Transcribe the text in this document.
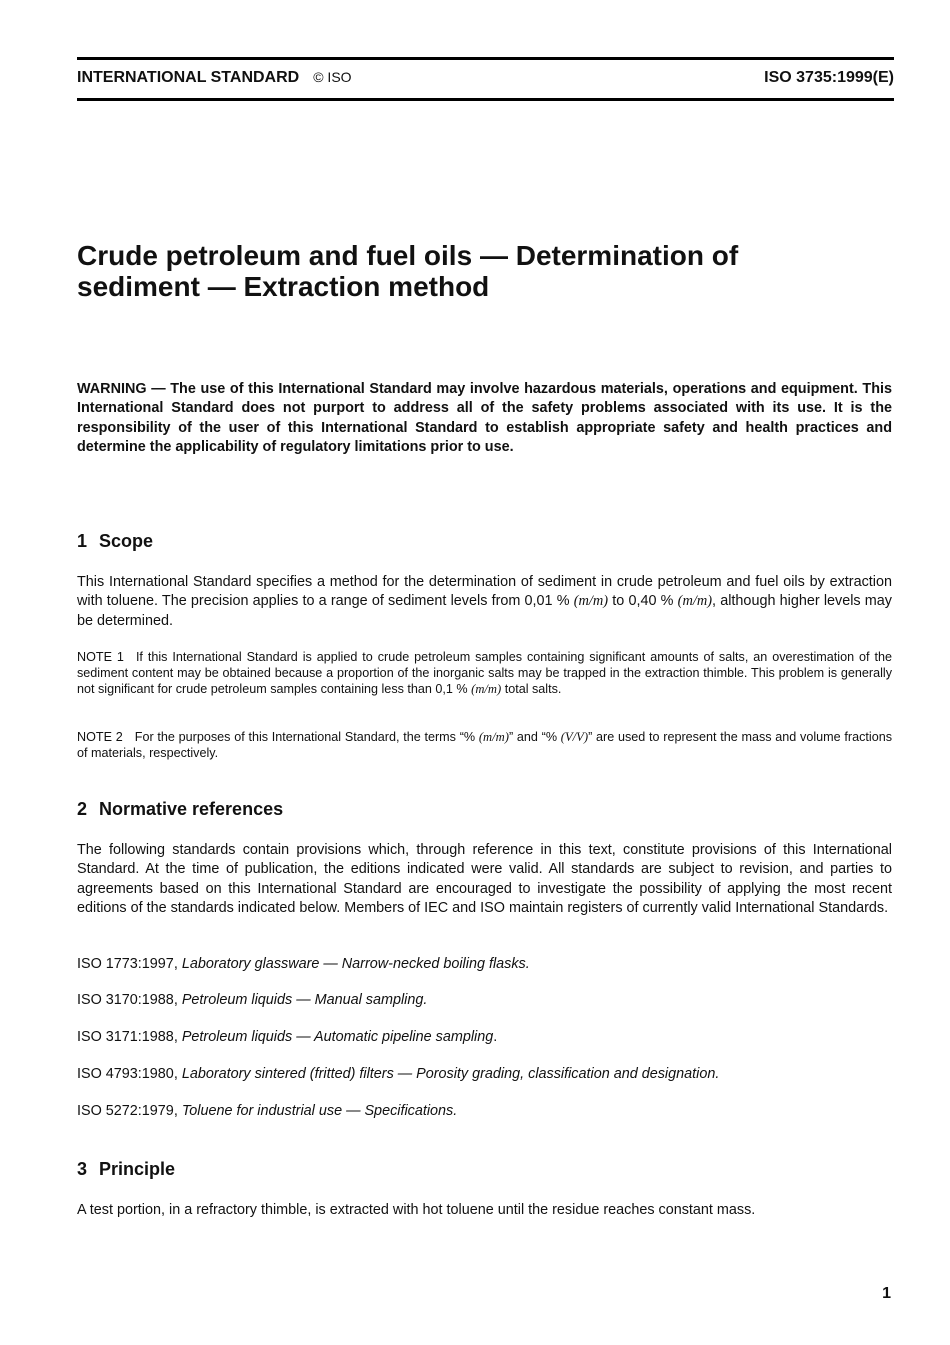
INTERNATIONAL STANDARD © ISO	ISO 3735:1999(E)
Crude petroleum and fuel oils — Determination of
sediment — Extraction method

WARNING — The use of this International Standard may involve hazardous materials, operations and equipment. This International Standard does not purport to address all of the safety problems associated with its use. It is the responsibility of the user of this International Standard to establish appropriate safety and health practices and determine the applicability of regulatory limitations prior to use.

1 Scope

This International Standard specifies a method for the determination of sediment in crude petroleum and fuel oils by extraction with toluene. The precision applies to a range of sediment levels from 0,01 % (m/m) to 0,40 % (m/m), although higher levels may be determined.

NOTE 1 If this International Standard is applied to crude petroleum samples containing significant amounts of salts, an overestimation of the sediment content may be obtained because a proportion of the inorganic salts may be trapped in the extraction thimble. This problem is generally not significant for crude petroleum samples containing less than 0,1 % (m/m) total salts.

NOTE 2 For the purposes of this International Standard, the terms “% (m/m)” and “% (V/V)” are used to represent the mass and volume fractions of materials, respectively.

2 Normative references

The following standards contain provisions which, through reference in this text, constitute provisions of this International Standard. At the time of publication, the editions indicated were valid. All standards are subject to revision, and parties to agreements based on this International Standard are encouraged to investigate the possibility of applying the most recent editions of the standards indicated below. Members of IEC and ISO maintain registers of currently valid International Standards.

ISO 1773:1997, Laboratory glassware — Narrow-necked boiling flasks.

ISO 3170:1988, Petroleum liquids — Manual sampling.

ISO 3171:1988, Petroleum liquids — Automatic pipeline sampling.

ISO 4793:1980, Laboratory sintered (fritted) filters — Porosity grading, classification and designation.

ISO 5272:1979, Toluene for industrial use — Specifications.

3 Principle

A test portion, in a refractory thimble, is extracted with hot toluene until the residue reaches constant mass.

1
